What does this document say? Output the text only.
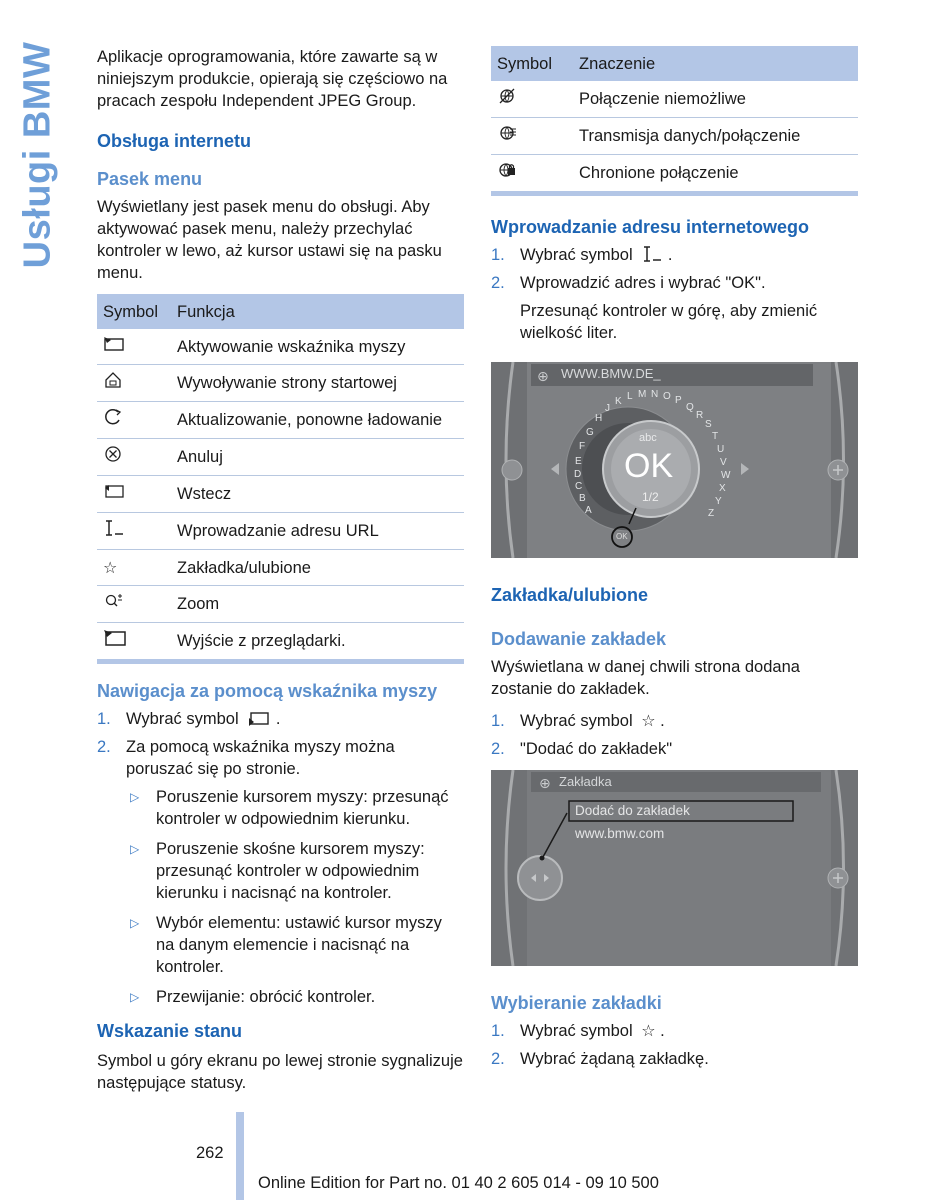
Usługi BMW Aplikacje oprogramowania, które zawarte są w niniejszym produkcie, opierają się częściowo na pracach zespołu Independent JPEG Group.

Obsługa internetu
Pasek menu

Wyświetlany jest pasek menu do obsługi. Aby aktywować pasek menu, należy przechylać kontroler w lewo, aż kursor ustawi się na pasku menu.

Symbol	Funkcja
	Aktywowanie wskaźnika myszy
	Wywoływanie strony startowej
	Aktualizowanie, ponowne ładowanie
	Anuluj
	Wstecz
	Wprowadzanie adresu URL
☆	Zakładka/ulubione
	Zoom
	Wyjście z przeglądarki.
Nawigacja za pomocą wskaźnika myszy
1. Wybrać symbol .
2. Za pomocą wskaźnika myszy można poruszać się po stronie.
▷ Poruszenie kursorem myszy: przesunąć kontroler w odpowiednim kierunku.
▷ Poruszenie skośne kursorem myszy: przesunąć kontroler w odpowiednim kierunku i nacisnąć na kontroler.
▷ Wybór elementu: ustawić kursor myszy na danym elemencie i nacisnąć na kontroler.
▷ Przewijanie: obrócić kontroler.
Wskazanie stanu

Symbol u góry ekranu po lewej stronie sygnalizuje następujące statusy.

Symbol	Znaczenie
	Połączenie niemożliwe
	Transmisja danych/połączenie
	Chronione połączenie
Wprowadzanie adresu internetowego
1. Wybrać symbol .
2. Wprowadzić adres i wybrać "OK".
Przesunąć kontroler w górę, aby zmienić wielkość liter.
⊕ WWW.BMW.DE_
abc
OK
1/2
OK
H
G
F
E
D
C
B
A
J
K L M N O P
Q
R
S
T
U
V
W
X
Y
Z
Zakładka/ulubione
Dodawanie zakładek

Wyświetlana w danej chwili strona dodana zostanie do zakładek.

1. Wybrać symbol ☆ .
2. "Dodać do zakładek"
⊕ Zakładka
Dodać do zakładek
www.bmw.com
Wybieranie zakładki
1. Wybrać symbol ☆ .
2. Wybrać żądaną zakładkę.
262
Online Edition for Part no. 01 40 2 605 014 - 09 10 500
